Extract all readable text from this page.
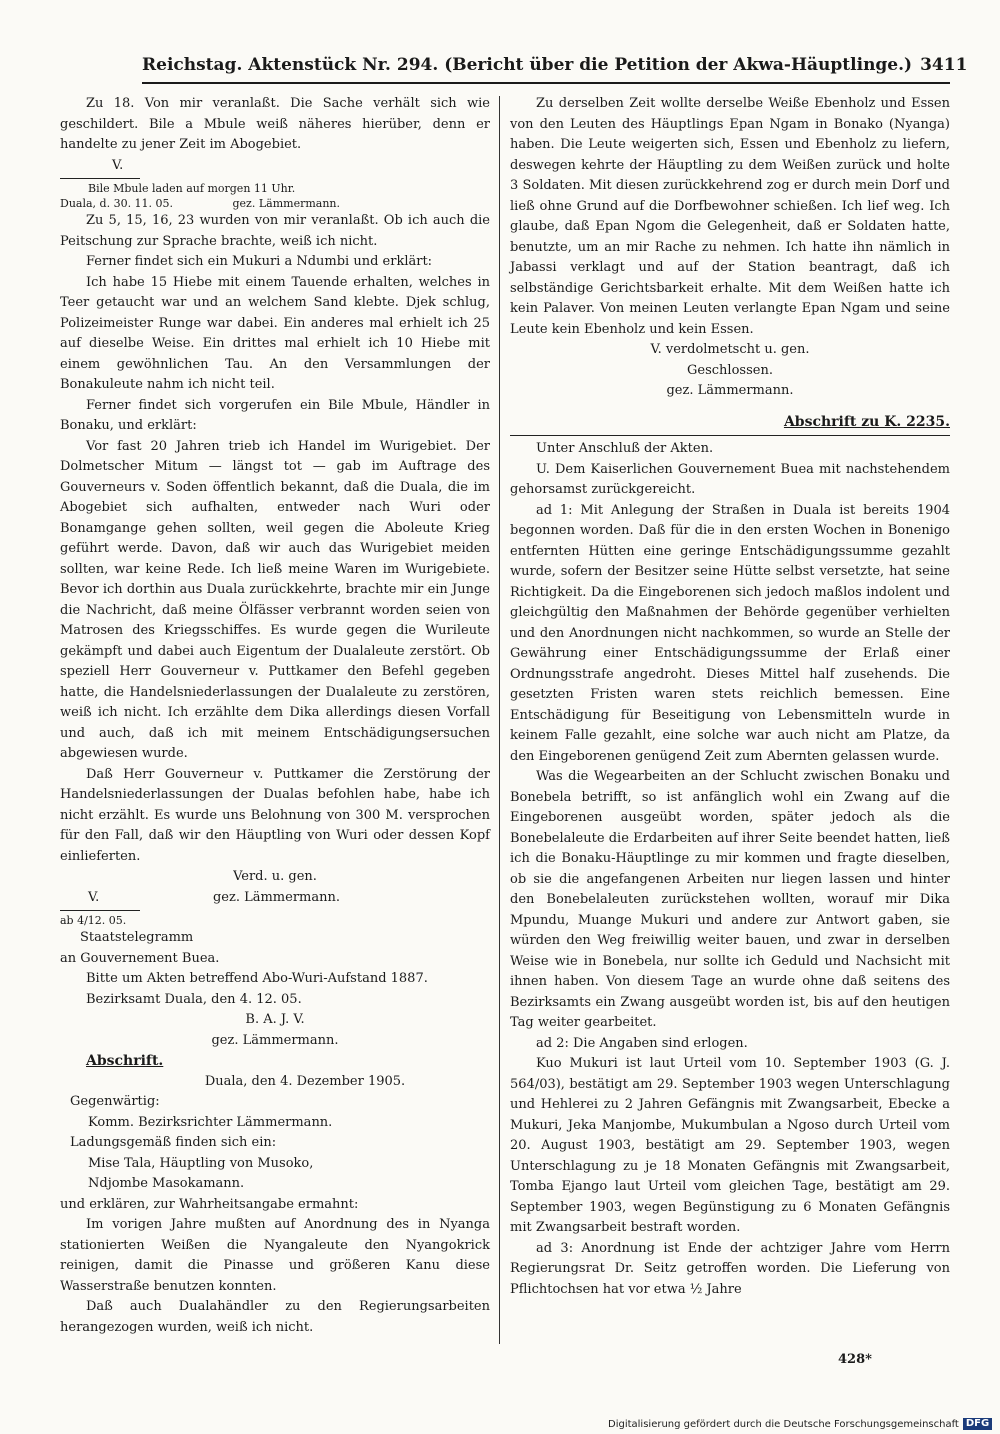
Reichstag. Aktenstück Nr. 294. (Bericht über die Petition der Akwa-Häuptlinge.) 3411

Zu 18. Von mir veranlaßt. Die Sache verhält sich wie geschildert. Bile a Mbule weiß näheres hierüber, denn er handelte zu jener Zeit im Abogebiet.

V.

Bile Mbule laden auf morgen 11 Uhr.

Duala, d. 30. 11. 05.	gez. Lämmermann.

Zu 5, 15, 16, 23 wurden von mir veranlaßt. Ob ich auch die Peitschung zur Sprache brachte, weiß ich nicht.

Ferner findet sich ein Mukuri a Ndumbi und erklärt:

Ich habe 15 Hiebe mit einem Tauende erhalten, welches in Teer getaucht war und an welchem Sand klebte. Djek schlug, Polizeimeister Runge war dabei. Ein anderes mal erhielt ich 25 auf dieselbe Weise. Ein drittes mal erhielt ich 10 Hiebe mit einem gewöhnlichen Tau. An den Versammlungen der Bonakuleute nahm ich nicht teil.

Ferner findet sich vorgerufen ein Bile Mbule, Händler in Bonaku, und erklärt:

Vor fast 20 Jahren trieb ich Handel im Wurigebiet. Der Dolmetscher Mitum — längst tot — gab im Auftrage des Gouverneurs v. Soden öffentlich bekannt, daß die Duala, die im Abogebiet sich aufhalten, entweder nach Wuri oder Bonamgange gehen sollten, weil gegen die Aboleute Krieg geführt werde. Davon, daß wir auch das Wurigebiet meiden sollten, war keine Rede. Ich ließ meine Waren im Wurigebiete. Bevor ich dorthin aus Duala zurückkehrte, brachte mir ein Junge die Nachricht, daß meine Ölfässer verbrannt worden seien von Matrosen des Kriegsschiffes. Es wurde gegen die Wurileute gekämpft und dabei auch Eigentum der Dualaleute zerstört. Ob speziell Herr Gouverneur v. Puttkamer den Befehl gegeben hatte, die Handelsniederlassungen der Dualaleute zu zerstören, weiß ich nicht. Ich erzählte dem Dika allerdings diesen Vorfall und auch, daß ich mit meinem Entschädigungsersuchen abgewiesen wurde.

Daß Herr Gouverneur v. Puttkamer die Zerstörung der Handelsniederlassungen der Dualas befohlen habe, habe ich nicht erzählt. Es wurde uns Belohnung von 300 M. versprochen für den Fall, daß wir den Häuptling von Wuri oder dessen Kopf einlieferten.

Verd. u. gen.

V.	gez. Lämmermann.

ab 4/12. 05.

Staatstelegramm

an Gouvernement Buea.

Bitte um Akten betreffend Abo-Wuri-Aufstand 1887.

Bezirksamt Duala, den 4. 12. 05.

B. A. J. V.

gez. Lämmermann.

Abschrift.

Duala, den 4. Dezember 1905.

Gegenwärtig:

Komm. Bezirksrichter Lämmermann.

Ladungsgemäß finden sich ein:

Mise Tala, Häuptling von Musoko,

Ndjombe Masokamann.

und erklären, zur Wahrheitsangabe ermahnt:

Im vorigen Jahre mußten auf Anordnung des in Nyanga stationierten Weißen die Nyangaleute den Nyangokrick reinigen, damit die Pinasse und größeren Kanu diese Wasserstraße benutzen konnten.

Daß auch Dualahändler zu den Regierungsarbeiten herangezogen wurden, weiß ich nicht.

Zu derselben Zeit wollte derselbe Weiße Ebenholz und Essen von den Leuten des Häuptlings Epan Ngam in Bonako (Nyanga) haben. Die Leute weigerten sich, Essen und Ebenholz zu liefern, deswegen kehrte der Häuptling zu dem Weißen zurück und holte 3 Soldaten. Mit diesen zurückkehrend zog er durch mein Dorf und ließ ohne Grund auf die Dorfbewohner schießen. Ich lief weg. Ich glaube, daß Epan Ngom die Gelegenheit, daß er Soldaten hatte, benutzte, um an mir Rache zu nehmen. Ich hatte ihn nämlich in Jabassi verklagt und auf der Station beantragt, daß ich selbständige Gerichtsbarkeit erhalte. Mit dem Weißen hatte ich kein Palaver. Von meinen Leuten verlangte Epan Ngam und seine Leute kein Ebenholz und kein Essen.

V. verdolmetscht u. gen.

Geschlossen.

gez. Lämmermann.

Abschrift zu K. 2235.

Unter Anschluß der Akten.

U. Dem Kaiserlichen Gouvernement Buea mit nachstehendem gehorsamst zurückgereicht.

ad 1: Mit Anlegung der Straßen in Duala ist bereits 1904 begonnen worden. Daß für die in den ersten Wochen in Bonenigo entfernten Hütten eine geringe Entschädigungssumme gezahlt wurde, sofern der Besitzer seine Hütte selbst versetzte, hat seine Richtigkeit. Da die Eingeborenen sich jedoch maßlos indolent und gleichgültig den Maßnahmen der Behörde gegenüber verhielten und den Anordnungen nicht nachkommen, so wurde an Stelle der Gewährung einer Entschädigungssumme der Erlaß einer Ordnungsstrafe angedroht. Dieses Mittel half zusehends. Die gesetzten Fristen waren stets reichlich bemessen. Eine Entschädigung für Beseitigung von Lebensmitteln wurde in keinem Falle gezahlt, eine solche war auch nicht am Platze, da den Eingeborenen genügend Zeit zum Abernten gelassen wurde.

Was die Wegearbeiten an der Schlucht zwischen Bonaku und Bonebela betrifft, so ist anfänglich wohl ein Zwang auf die Eingeborenen ausgeübt worden, später jedoch als die Bonebelaleute die Erdarbeiten auf ihrer Seite beendet hatten, ließ ich die Bonaku-Häuptlinge zu mir kommen und fragte dieselben, ob sie die angefangenen Arbeiten nur liegen lassen und hinter den Bonebelaleuten zurückstehen wollten, worauf mir Dika Mpundu, Muange Mukuri und andere zur Antwort gaben, sie würden den Weg freiwillig weiter bauen, und zwar in derselben Weise wie in Bonebela, nur sollte ich Geduld und Nachsicht mit ihnen haben. Von diesem Tage an wurde ohne daß seitens des Bezirksamts ein Zwang ausgeübt worden ist, bis auf den heutigen Tag weiter gearbeitet.

ad 2: Die Angaben sind erlogen.

Kuo Mukuri ist laut Urteil vom 10. September 1903 (G. J. 564/03), bestätigt am 29. September 1903 wegen Unterschlagung und Hehlerei zu 2 Jahren Gefängnis mit Zwangsarbeit, Ebecke a Mukuri, Jeka Manjombe, Mukumbulan a Ngoso durch Urteil vom 20. August 1903, bestätigt am 29. September 1903, wegen Unterschlagung zu je 18 Monaten Gefängnis mit Zwangsarbeit, Tomba Ejango laut Urteil vom gleichen Tage, bestätigt am 29. September 1903, wegen Begünstigung zu 6 Monaten Gefängnis mit Zwangsarbeit bestraft worden.

ad 3: Anordnung ist Ende der achtziger Jahre vom Herrn Regierungsrat Dr. Seitz getroffen worden. Die Lieferung von Pflichtochsen hat vor etwa ½ Jahre

428*
Digitalisierung gefördert durch die Deutsche Forschungsgemeinschaft DFG
